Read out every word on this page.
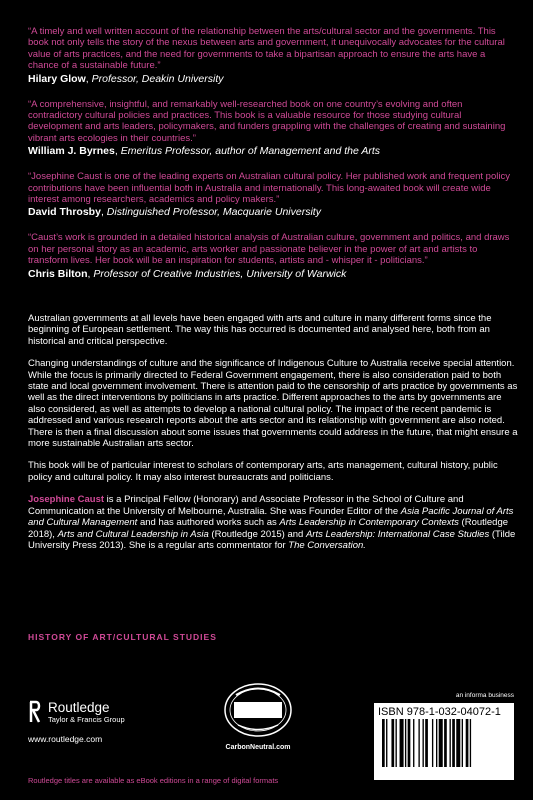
“A timely and well written account of the relationship between the arts/cultural sector and the governments. This book not only tells the story of the nexus between arts and government, it unequivocally advocates for the cultural value of arts practices, and the need for governments to take a bipartisan approach to ensure the arts have a chance of a sustainable future.”

Hilary Glow, Professor, Deakin University

“A comprehensive, insightful, and remarkably well-researched book on one country’s evolving and often contradictory cultural policies and practices. This book is a valuable resource for those studying cultural development and arts leaders, policymakers, and funders grappling with the challenges of creating and sustaining vibrant arts ecologies in their countries.”

William J. Byrnes, Emeritus Professor, author of Management and the Arts

“Josephine Caust is one of the leading experts on Australian cultural policy. Her published work and frequent policy contributions have been influential both in Australia and internationally. This long-awaited book will create wide interest among researchers, academics and policy makers.”

David Throsby, Distinguished Professor, Macquarie University

“Caust’s work is grounded in a detailed historical analysis of Australian culture, government and politics, and draws on her personal story as an academic, arts worker and passionate believer in the power of art and artists to transform lives. Her book will be an inspiration for students, artists and - whisper it - politicians.”

Chris Bilton, Professor of Creative Industries, University of Warwick

Australian governments at all levels have been engaged with arts and culture in many different forms since the beginning of European settlement. The way this has occurred is documented and analysed here, both from an historical and critical perspective.

Changing understandings of culture and the significance of Indigenous Culture to Australia receive special attention. While the focus is primarily directed to Federal Government engagement, there is also consideration paid to both state and local government involvement. There is attention paid to the censorship of arts practice by governments as well as the direct interventions by politicians in arts practice. Different approaches to the arts by governments are also considered, as well as attempts to develop a national cultural policy. The impact of the recent pandemic is addressed and various research reports about the arts sector and its relationship with government are also noted. There is then a final discussion about some issues that governments could address in the future, that might ensure a more sustainable Australian arts sector.

This book will be of particular interest to scholars of contemporary arts, arts management, cultural history, public policy and cultural policy. It may also interest bureaucrats and politicians.

Josephine Caust is a Principal Fellow (Honorary) and Associate Professor in the School of Culture and Communication at the University of Melbourne, Australia. She was Founder Editor of the Asia Pacific Journal of Arts and Cultural Management and has authored works such as Arts Leadership in Contemporary Contexts (Routledge 2018), Arts and Cultural Leadership in Asia (Routledge 2015) and Arts Leadership: International Case Studies (Tilde University Press 2013). She is a regular arts commentator for The Conversation.

HISTORY OF ART/CULTURAL STUDIES
Routledge
Taylor & Francis Group
www.routledge.com
CarbonNeutral.com
an informa business
ISBN 978-1-032-04072-1
Routledge titles are available as eBook editions in a range of digital formats
